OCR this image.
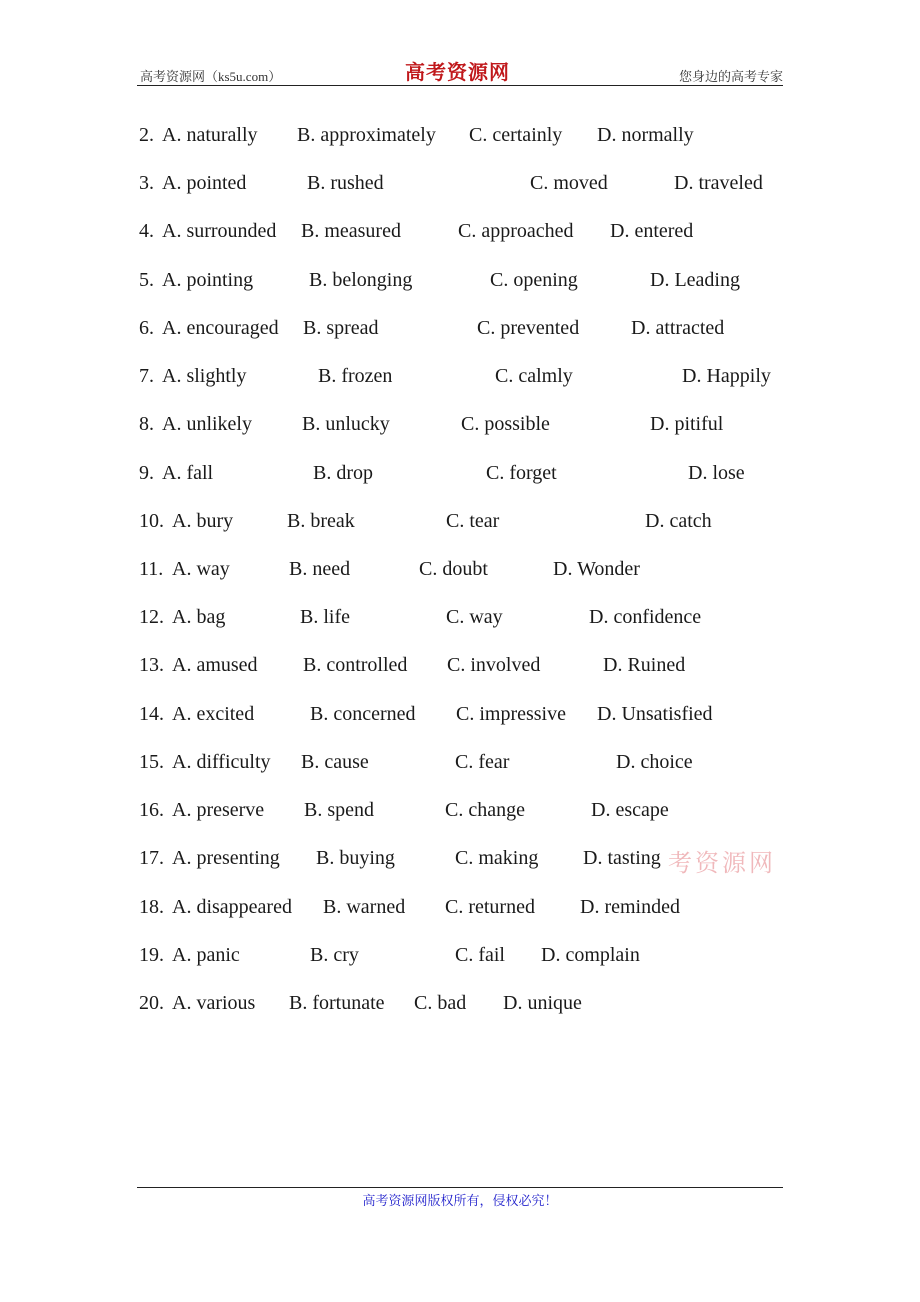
高考资源网（ks5u.com）	高考资源网	您身边的高考专家
2. A. naturally B. approximately C. certainly D. normally
3. A. pointed	B. rushed	C. moved	D. traveled
4. A. surrounded B. measured	C. approached D. entered
5. A. pointing	B. belonging	C. opening	D. Leading
6. A. encouraged B. spread	C. prevented	D. attracted
7. A. slightly	B. frozen	C. calmly	D. Happily
8. A. unlikely	B. unlucky	C. possible	D. pitiful
9. A. fall	B. drop	C. forget	D. lose
10. A. bury	B. break	C. tear	D. catch
11. A. way	B. need	C. doubt	D. Wonder
12. A. bag	B. life	C. way	D. confidence
13. A. amused B. controlled C. involved	D. Ruined
14. A. excited	B. concerned C. impressive D. Unsatisfied
15. A. difficulty B. cause	C. fear	D. choice
16. A. preserve B. spend	C. change	D. escape
17. A. presenting B. buying	C. making D. tasting
18. A. disappeared B. warned C. returned D. reminded
19. A. panic	B. cry	C. fail D. complain
20. A. various B. fortunate C. bad D. unique
考资源网
高考资源网版权所有，侵权必究！
